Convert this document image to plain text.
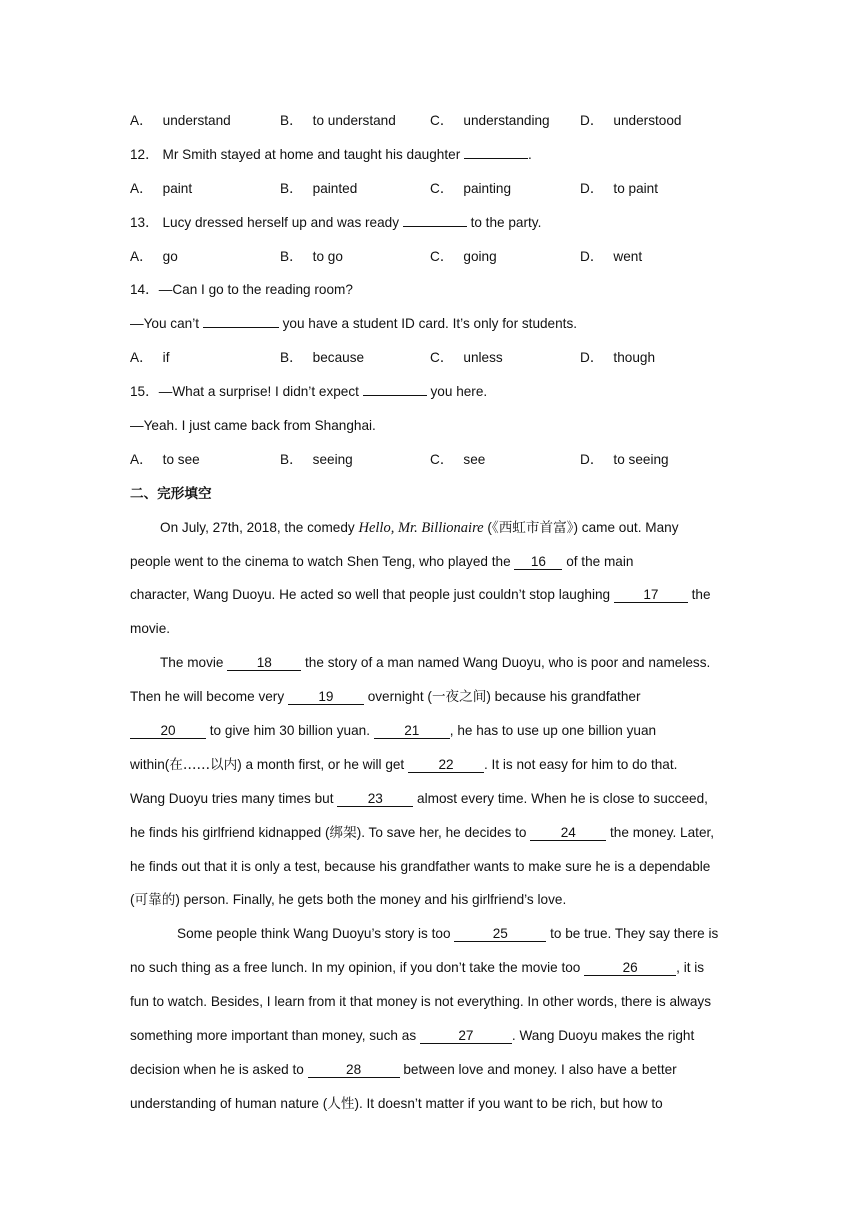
A． understand	B． to understand	C． understanding	D． understood
12． Mr Smith stayed at home and taught his daughter	.
A． paint	B． painted	C． painting	D． to paint
13． Lucy dressed herself up and was ready	to the party.
A． go	B． to go	C． going	D． went
14．—Can I go to the reading room?
—You can’t	you have a student ID card. It’s only for students.
A． if	B． because	C． unless	D． though
15．—What a surprise! I didn’t expect	you here.
—Yeah. I just came back from Shanghai.
A． to see	B． seeing	C． see	D． to seeing
二、完形填空
On July, 27th, 2018, the comedy Hello, Mr. Billionaire (《西虹市首富》) came out. Many
people went to the cinema to watch Shen Teng, who played the 16 of the main
character, Wang Duoyu. He acted so well that people just couldn’t stop laughing 17 the
movie.
The movie 18 the story of a man named Wang Duoyu, who is poor and nameless.
Then he will become very 19 overnight (一夜之间) because his grandfather
20 to give him 30 billion yuan. 21 , he has to use up one billion yuan
within(在……以内) a month first, or he will get 22 . It is not easy for him to do that.
Wang Duoyu tries many times but 23 almost every time. When he is close to succeed,
he finds his girlfriend kidnapped (绑架). To save her, he decides to 24 the money. Later,
he finds out that it is only a test, because his grandfather wants to make sure he is a dependable
(可靠的) person. Finally, he gets both the money and his girlfriend’s love.
Some people think Wang Duoyu’s story is too	25	to be true. They say there is
no such thing as a free lunch. In my opinion, if you don’t take the movie too	26	, it is
fun to watch. Besides, I learn from it that money is not everything. In other words, there is always
something more important than money, such as	27	. Wang Duoyu makes the right
decision when he is asked to	28	between love and money. I also have a better
understanding of human nature (人性). It doesn’t matter if you want to be rich, but how to
